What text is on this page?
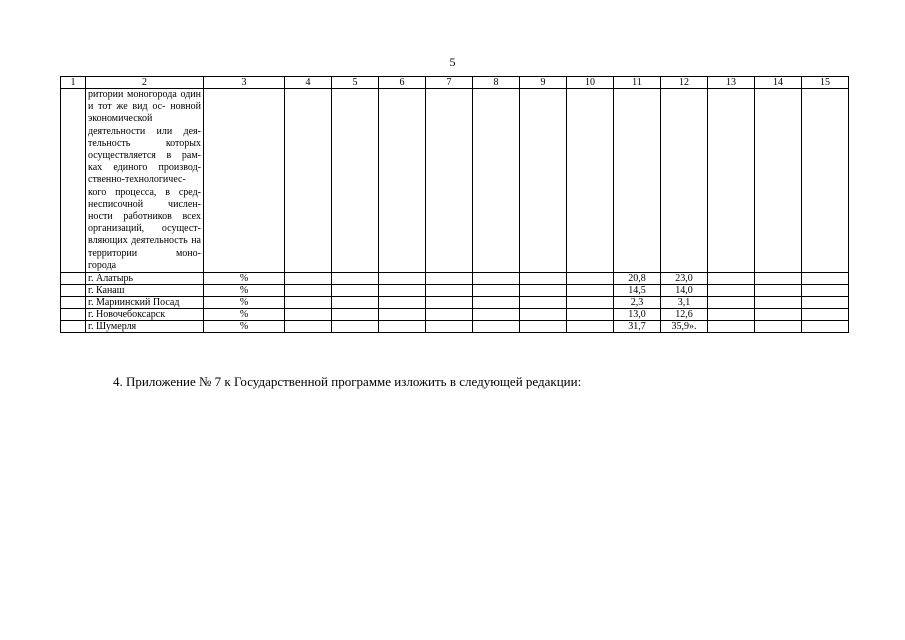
5
1	2	3	4	5	6	7	8	9	10	11	12	13	14	15
	ритории моногорода один и тот же вид ос- новной экономической деятельности или дея- тельность которых осуществляется в рам- ках единого производ- ственно-технологичес- кого процесса, в сред- несписочной числен- ности работников всех организаций, осущест- вляющих деятельность на территории моно-
города													

	г. Алатырь	%								20,8	23,0			
	г. Канаш	%								14,5	14,0			
	г. Мариинский Посад	%								2,3	3,1			
	г. Новочебоксарск	%								13,0	12,6			
	г. Шумерля	%								31,7	35,9».			
4. Приложение № 7 к Государственной программе изложить в следующей редакции:
